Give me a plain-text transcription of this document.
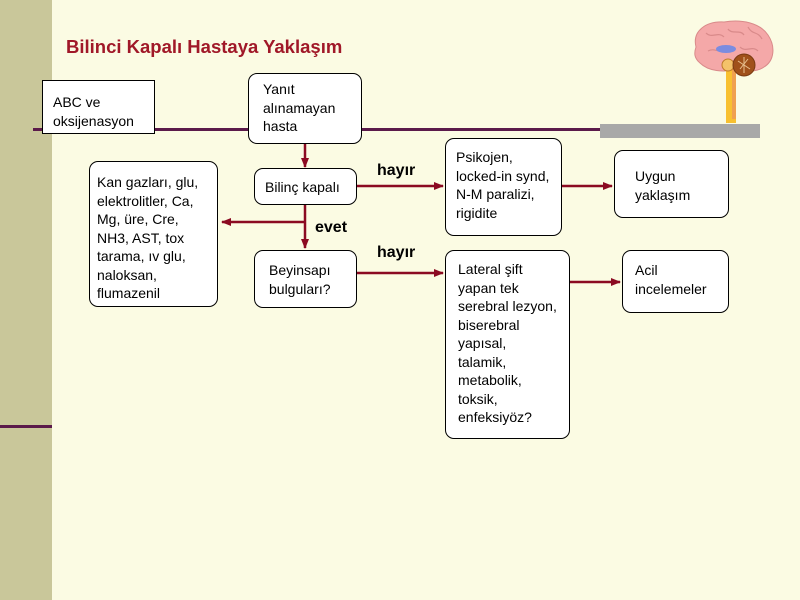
Bilinci Kapalı Hastaya Yaklaşım
ABC ve
oksijenasyon
Yanıt
alınamayan
hasta
Bilinç kapalı
Kan gazları, glu,
elektrolitler, Ca,
Mg, üre, Cre,
NH3, AST, tox
tarama, ıv glu,
naloksan,
flumazenil
Beyinsapı
bulguları?
Psikojen,
locked-in synd,
N-M paralizi,
rigidite
Uygun
yaklaşım
Lateral şift
yapan tek
serebral lezyon,
biserebral
yapısal,
talamik,
metabolik,
toksik,
enfeksiyöz?
Acil
incelemeler
hayır
evet
hayır
